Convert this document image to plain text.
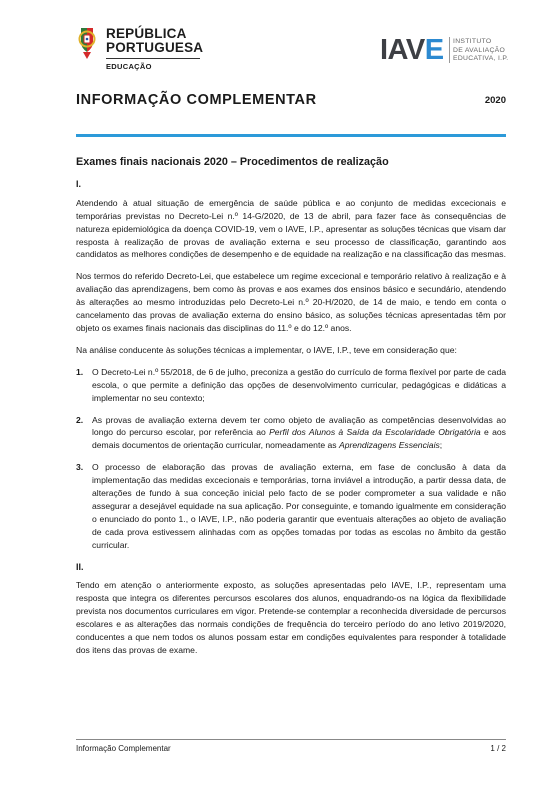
REPÚBLICA
PORTUGUESA
EDUCAÇÃO
IAVE INSTITUTO
DE AVALIAÇÃO
EDUCATIVA, I.P.
INFORMAÇÃO COMPLEMENTAR	2020
Exames finais nacionais 2020 – Procedimentos de realização
I.

Atendendo à atual situação de emergência de saúde pública e ao conjunto de medidas excecionais e temporárias previstas no Decreto-Lei n.º 14-G/2020, de 13 de abril, para fazer face às consequências de natureza epidemiológica da doença COVID-19, vem o IAVE, I.P., apresentar as soluções técnicas que visam dar resposta à realização de provas de avaliação externa e seu processo de classificação, garantindo aos candidatos as melhores condições de desempenho e de equidade na realização e na classificação das mesmas.

Nos termos do referido Decreto-Lei, que estabelece um regime excecional e temporário relativo à realização e à avaliação das aprendizagens, bem como às provas e aos exames dos ensinos básico e secundário, atendendo às alterações ao mesmo introduzidas pelo Decreto-Lei n.º 20-H/2020, de 14 de maio, e tendo em conta o cancelamento das provas de avaliação externa do ensino básico, as soluções técnicas apresentadas têm por objeto os exames finais nacionais das disciplinas do 11.º e do 12.º anos.

Na análise conducente às soluções técnicas a implementar, o IAVE, I.P., teve em consideração que:

1. O Decreto-Lei n.º 55/2018, de 6 de julho, preconiza a gestão do currículo de forma flexível por parte de cada escola, o que permite a definição das opções de desenvolvimento curricular, pedagógicas e didáticas a implementar no seu contexto;
2. As provas de avaliação externa devem ter como objeto de avaliação as competências desenvolvidas ao longo do percurso escolar, por referência ao Perfil dos Alunos à Saída da Escolaridade Obrigatória e aos demais documentos de orientação curricular, nomeadamente as Aprendizagens Essenciais;
3. O processo de elaboração das provas de avaliação externa, em fase de conclusão à data da implementação das medidas excecionais e temporárias, torna inviável a introdução, a partir dessa data, de alterações de fundo à sua conceção inicial pelo facto de se poder comprometer a sua validade e não assegurar a desejável equidade na sua aplicação. Por conseguinte, e tomando igualmente em consideração o enunciado do ponto 1., o IAVE, I.P., não poderia garantir que eventuais alterações ao objeto de avaliação de cada prova estivessem alinhadas com as opções tomadas por todas as escolas no âmbito da gestão curricular.
II.

Tendo em atenção o anteriormente exposto, as soluções apresentadas pelo IAVE, I.P., representam uma resposta que integra os diferentes percursos escolares dos alunos, enquadrando-os na lógica da flexibilidade prevista nos documentos curriculares em vigor. Pretende-se contemplar a reconhecida diversidade de percursos escolares e as alterações das normais condições de frequência do terceiro período do ano letivo 2019/2020, conducentes a que nem todos os alunos possam estar em condições equivalentes para responder à totalidade dos itens das provas de exame.

Informação Complementar	1 / 2
